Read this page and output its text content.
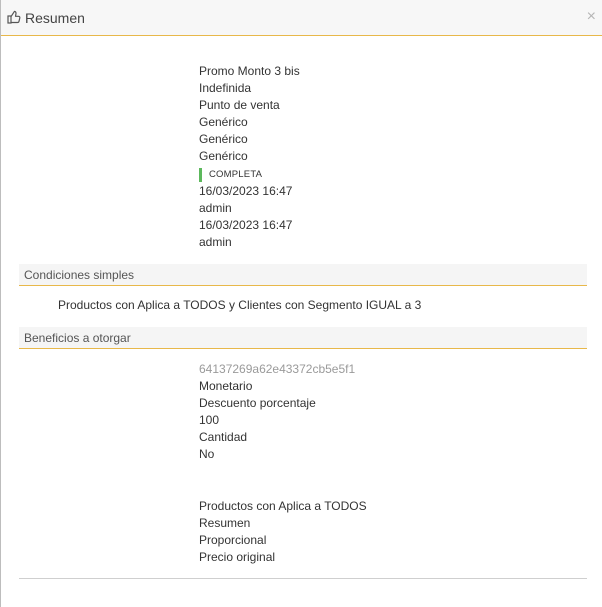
Resumen	×
Promo Monto 3 bis
Indefinida
Punto de venta
Genérico
Genérico
Genérico
COMPLETA
16/03/2023 16:47
admin
16/03/2023 16:47
admin
Condiciones simples
Productos con Aplica a TODOS y Clientes con Segmento IGUAL a 3
Beneficios a otorgar
64137269a62e43372cb5e5f1
Monetario
Descuento porcentaje
100
Cantidad
No
Productos con Aplica a TODOS
Resumen
Proporcional
Precio original
